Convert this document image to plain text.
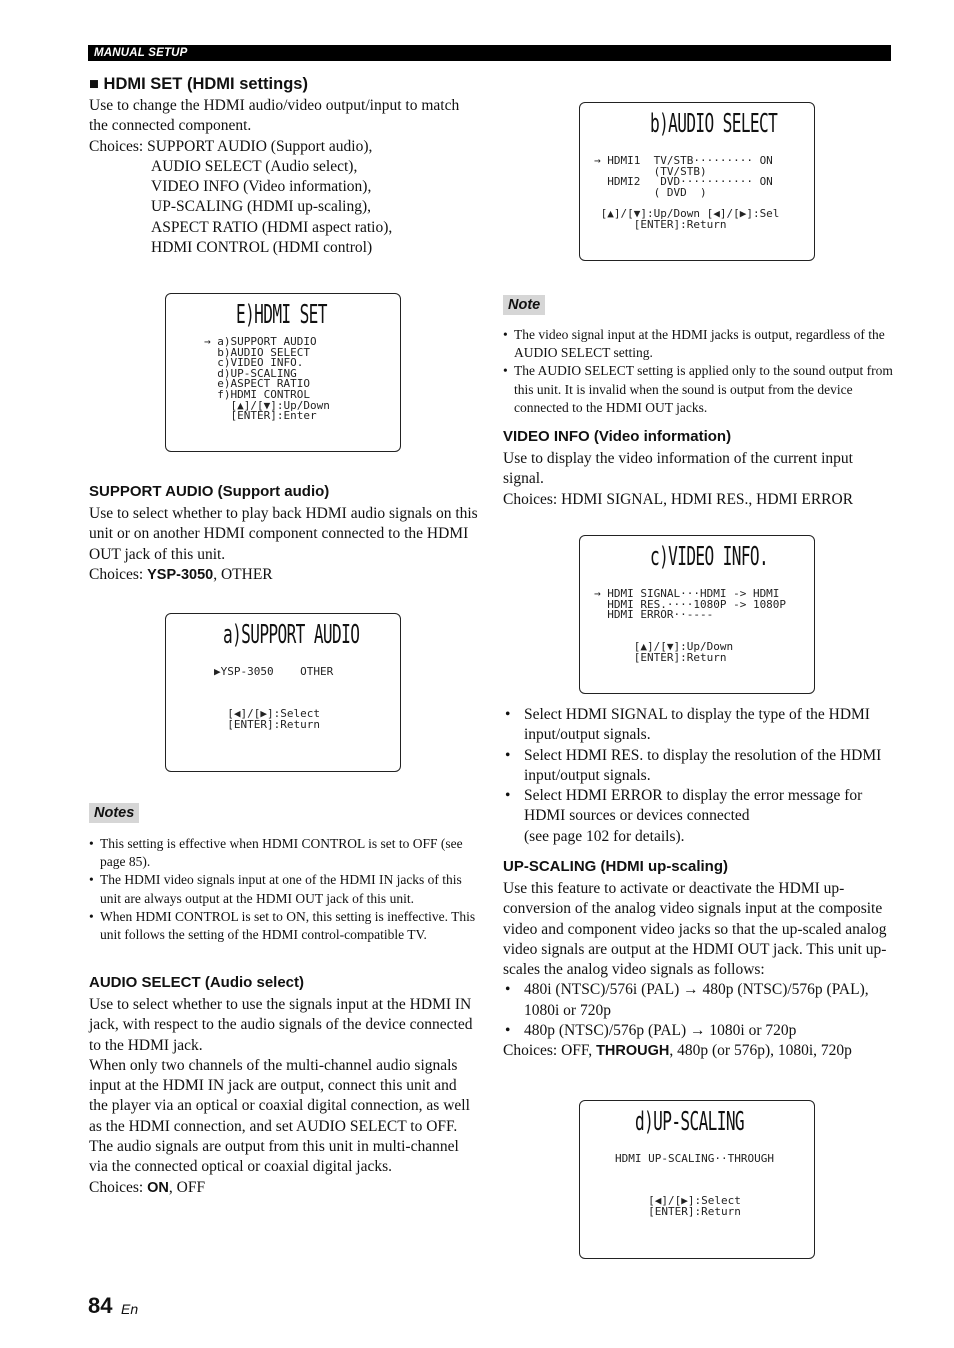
MANUAL SETUP

■ HDMI SET (HDMI settings)

Use to change the HDMI audio/video output/input to match the connected component.

Choices: SUPPORT AUDIO (Support audio),

AUDIO SELECT (Audio select),

VIDEO INFO (Video information),

UP-SCALING (HDMI up-scaling),

ASPECT RATIO (HDMI aspect ratio),

HDMI CONTROL (HDMI control)

E)HDMI SET
→ a)SUPPORT AUDIO
b)AUDIO SELECT
c)VIDEO INFO.
d)UP-SCALING
e)ASPECT RATIO
f)HDMI CONTROL
[▲]/[▼]:Up/Down
[ENTER]:Enter

SUPPORT AUDIO (Support audio)

Use to select whether to play back HDMI audio signals on this unit or on another HDMI component connected to the HDMI OUT jack of this unit.

Choices: YSP-3050, OTHER

a)SUPPORT AUDIO
▶YSP-3050    OTHER

[◀]/[▶]:Select
[ENTER]:Return
Notes
• This setting is effective when HDMI CONTROL is set to OFF (see page 85).
• The HDMI video signals input at one of the HDMI IN jacks of this unit are always output at the HDMI OUT jack of this unit.
• When HDMI CONTROL is set to ON, this setting is ineffective. This unit follows the setting of the HDMI control-compatible TV.

AUDIO SELECT (Audio select)

Use to select whether to use the signals input at the HDMI IN jack, with respect to the audio signals of the device connected to the HDMI jack.

When only two channels of the multi-channel audio signals input at the HDMI IN jack are output, connect this unit and the player via an optical or coaxial digital connection, as well as the HDMI connection, and set AUDIO SELECT to OFF. The audio signals are output from this unit in multi-channel via the connected optical or coaxial digital jacks.

Choices: ON, OFF

b)AUDIO SELECT
→ HDMI1  TV/STB········· ON
(TV/STB)
HDMI2   DVD··········· ON
( DVD  )

[▲]/[▼]:Up/Down [◀]/[▶]:Sel
[ENTER]:Return
Note
• The video signal input at the HDMI jacks is output, regardless of the AUDIO SELECT setting.
• The AUDIO SELECT setting is applied only to the sound output from this unit. It is invalid when the sound is output from the device connected to the HDMI OUT jacks.

VIDEO INFO (Video information)

Use to display the video information of the current input signal.

Choices: HDMI SIGNAL, HDMI RES., HDMI ERROR

c)VIDEO INFO.
→ HDMI SIGNAL···HDMI -> HDMI
HDMI RES.····1080P -> 1080P
HDMI ERROR··----

[▲]/[▼]:Up/Down
[ENTER]:Return
• Select HDMI SIGNAL to display the type of the HDMI input/output signals.
• Select HDMI RES. to display the resolution of the HDMI input/output signals.
• Select HDMI ERROR to display the error message for HDMI sources or devices connected

(see page 102 for details).

UP-SCALING (HDMI up-scaling)

Use this feature to activate or deactivate the HDMI up-conversion of the analog video signals input at the composite video and component video jacks so that the up-scaled analog video signals are output at the HDMI OUT jack. This unit up-scales the analog video signals as follows:

• 480i (NTSC)/576i (PAL) → 480p (NTSC)/576p (PAL), 1080i or 720p
• 480p (NTSC)/576p (PAL) → 1080i or 720p

Choices: OFF, THROUGH, 480p (or 576p), 1080i, 720p

d)UP-SCALING
HDMI UP-SCALING··THROUGH

[◀]/[▶]:Select
[ENTER]:Return
84 En
